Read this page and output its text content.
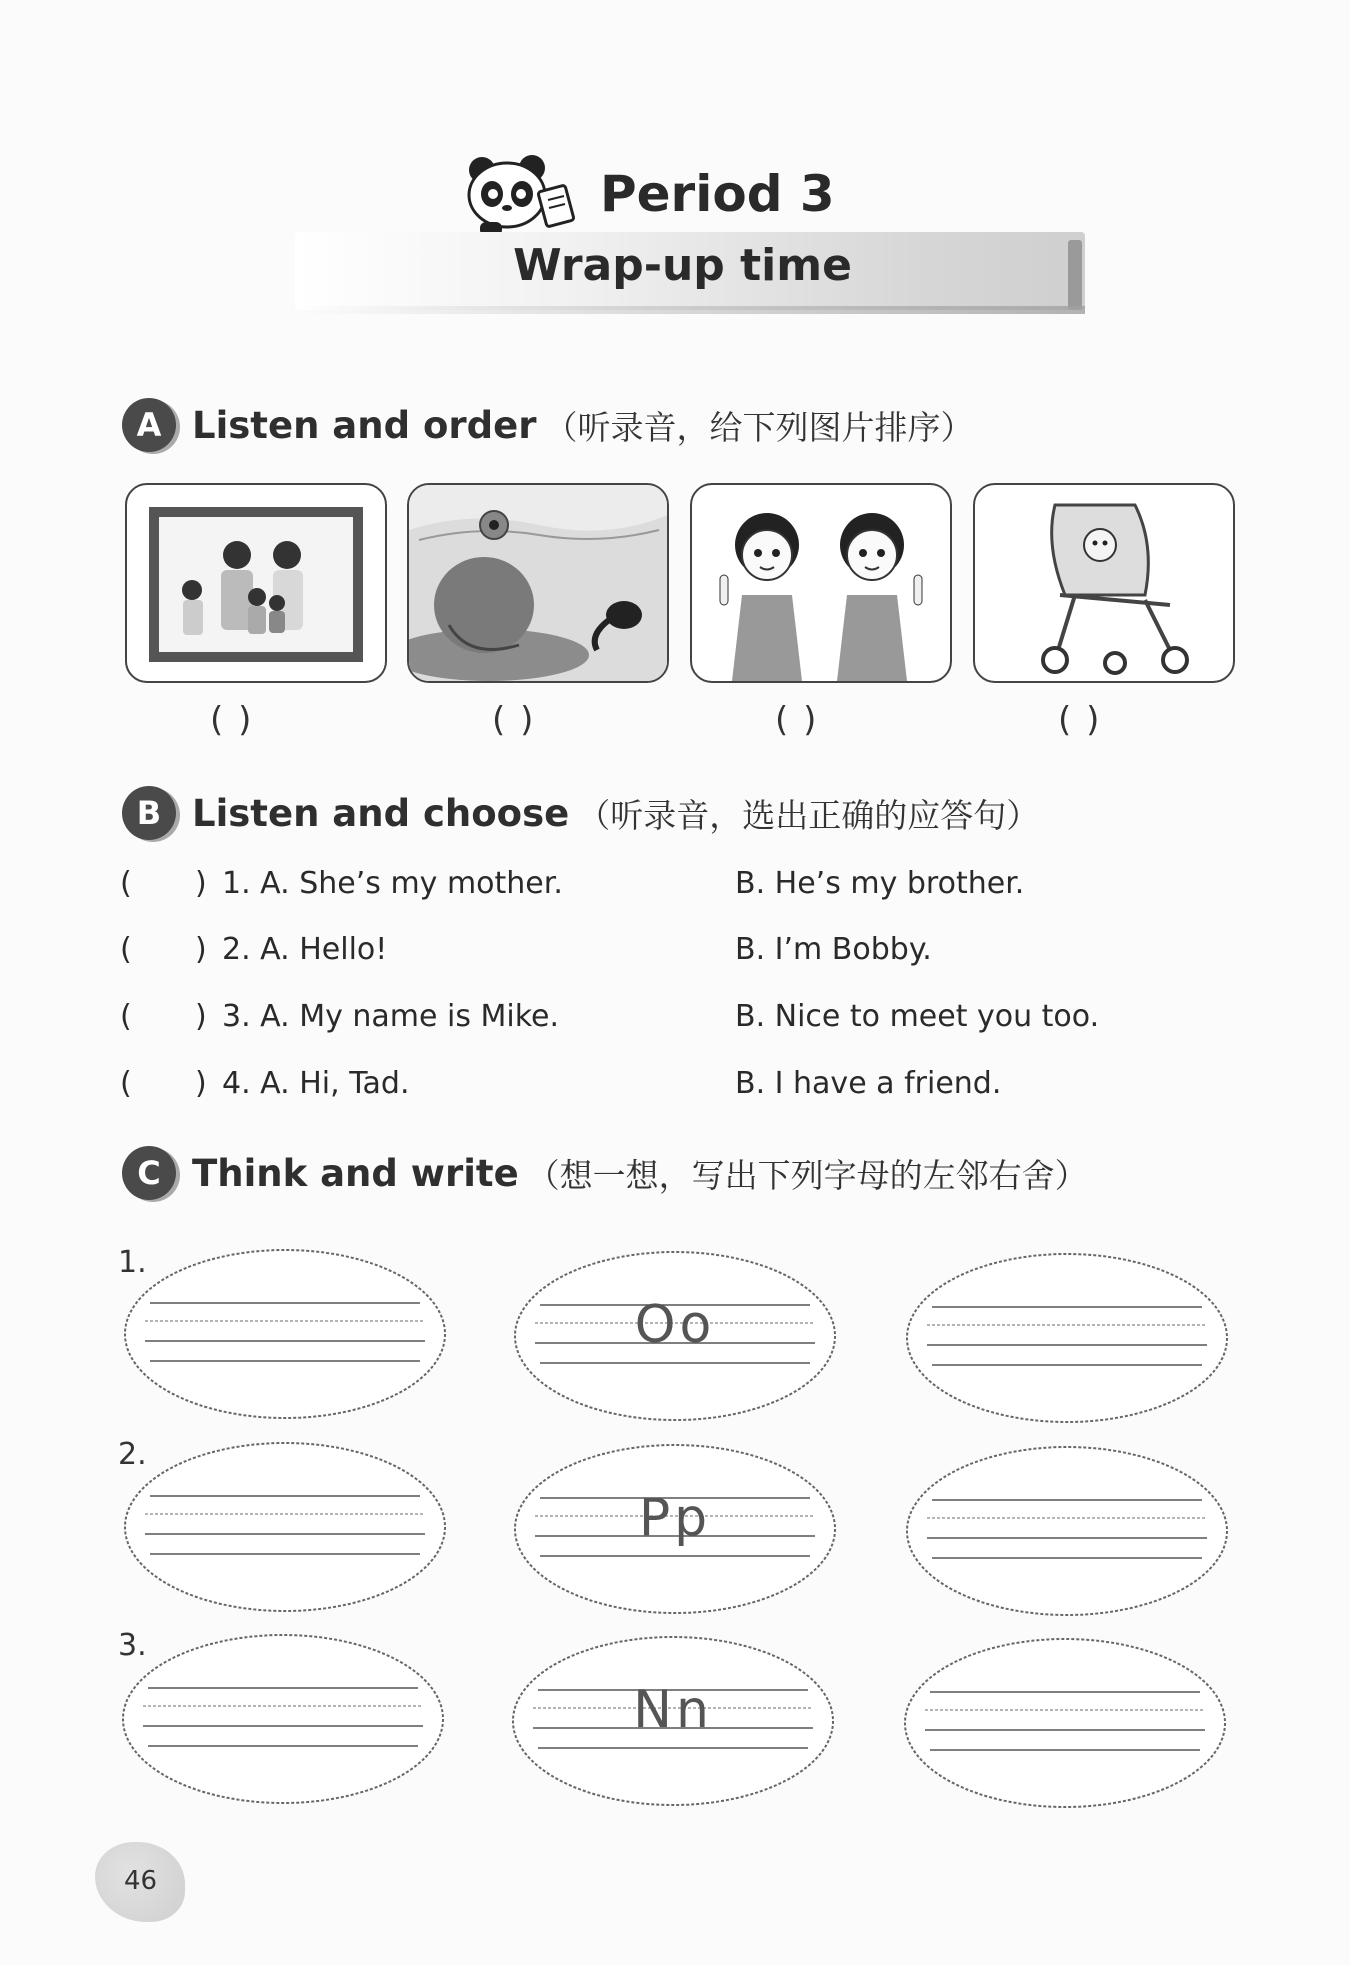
Period 3
Wrap-up time
A Listen and order （听录音，给下列图片排序）
( )	( )	( )	( )
B Listen and choose （听录音，选出正确的应答句）
( ) 1. A. She’s my mother.	B. He’s my brother.
( ) 2. A. Hello!	B. I’m Bobby.
( ) 3. A. My name is Mike.	B. Nice to meet you too.
( ) 4. A. Hi, Tad.	B. I have a friend.
C Think and write （想一想，写出下列字母的左邻右舍）
1.
Oo
2.
Pp
3.
Nn
46
